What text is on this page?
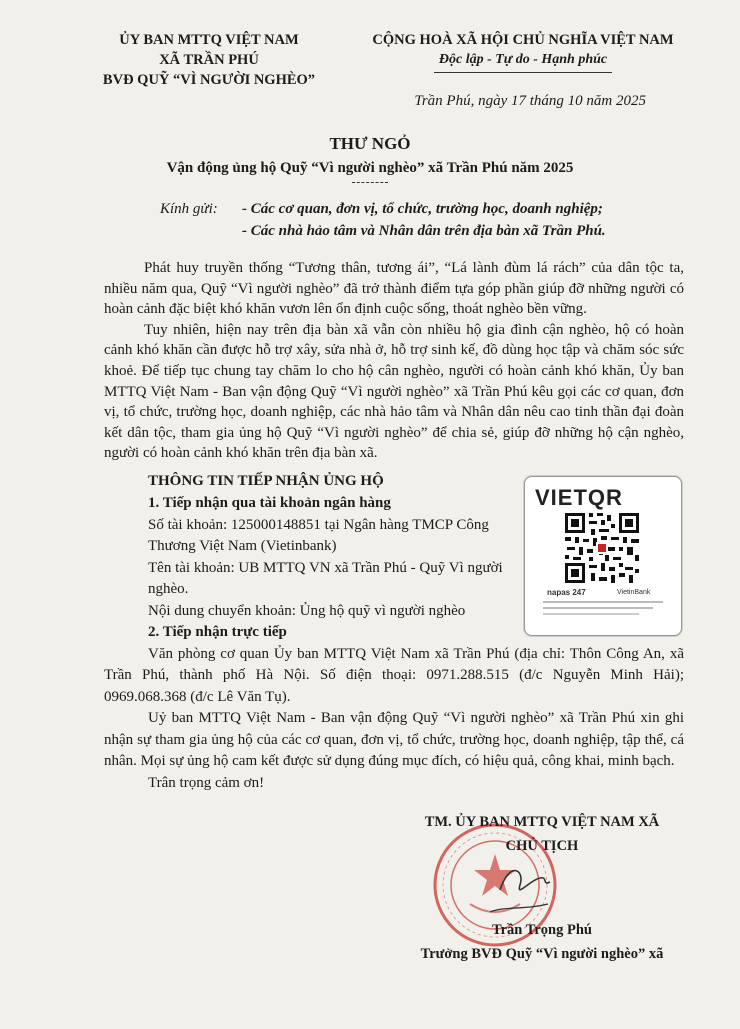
ỦY BAN MTTQ VIỆT NAM
XÃ TRẦN PHÚ
BVĐ QUỸ “VÌ NGƯỜI NGHÈO”
CỘNG HOÀ XÃ HỘI CHỦ NGHĨA VIỆT NAM
Độc lập - Tự do - Hạnh phúc
Trần Phú, ngày 17 tháng 10 năm 2025
THƯ NGỎ
Vận động ủng hộ Quỹ “Vì người nghèo” xã Trần Phú năm 2025
Kính gửi: - Các cơ quan, đơn vị, tổ chức, trường học, doanh nghiệp;
- Các nhà hảo tâm và Nhân dân trên địa bàn xã Trần Phú.

Phát huy truyền thống “Tương thân, tương ái”, “Lá lành đùm lá rách” của dân tộc ta, nhiều năm qua, Quỹ “Vì người nghèo” đã trở thành điểm tựa góp phần giúp đỡ những người có hoàn cảnh đặc biệt khó khăn vươn lên ổn định cuộc sống, thoát nghèo bền vững.

Tuy nhiên, hiện nay trên địa bàn xã vẫn còn nhiều hộ gia đình cận nghèo, hộ có hoàn cảnh khó khăn cần được hỗ trợ xây, sửa nhà ở, hỗ trợ sinh kế, đồ dùng học tập và chăm sóc sức khoẻ. Để tiếp tục chung tay chăm lo cho hộ cân nghèo, người có hoàn cảnh khó khăn, Ủy ban MTTQ Việt Nam - Ban vận động Quỹ “Vì người nghèo” xã Trần Phú kêu gọi các cơ quan, đơn vị, tổ chức, trường học, doanh nghiệp, các nhà hảo tâm và Nhân dân nêu cao tinh thần đại đoàn kết dân tộc, tham gia ủng hộ Quỹ “Vì người nghèo” để chia sẻ, giúp đỡ những hộ cận nghèo, người có hoàn cảnh khó khăn trên địa bàn xã.

THÔNG TIN TIẾP NHẬN ỦNG HỘ
1. Tiếp nhận qua tài khoản ngân hàng
Số tài khoản: 125000148851 tại Ngân hàng TMCP Công Thương Việt Nam (Vietinbank)
Tên tài khoản: UB MTTQ VN xã Trần Phú - Quỹ Vì người nghèo.
Nội dung chuyển khoản: Ủng hộ quỹ vì người nghèo
VIETQR
napas 247	VietinBank
2. Tiếp nhận trực tiếp

Văn phòng cơ quan Ủy ban MTTQ Việt Nam xã Trần Phú (địa chỉ: Thôn Công An, xã Trần Phú, thành phố Hà Nội. Số điện thoại: 0971.288.515 (đ/c Nguyễn Minh Hải); 0969.068.368 (đ/c Lê Văn Tụ).

Uỷ ban MTTQ Việt Nam - Ban vận động Quỹ “Vì người nghèo” xã Trần Phú xin ghi nhận sự tham gia ủng hộ của các cơ quan, đơn vị, tổ chức, trường học, doanh nghiệp, tập thể, cá nhân. Mọi sự ủng hộ cam kết được sử dụng đúng mục đích, có hiệu quả, công khai, minh bạch.

Trân trọng cảm ơn!

TM. ỦY BAN MTTQ VIỆT NAM XÃ
CHỦ TỊCH
Trần Trọng Phú
Trưởng BVĐ Quỹ “Vì người nghèo” xã
